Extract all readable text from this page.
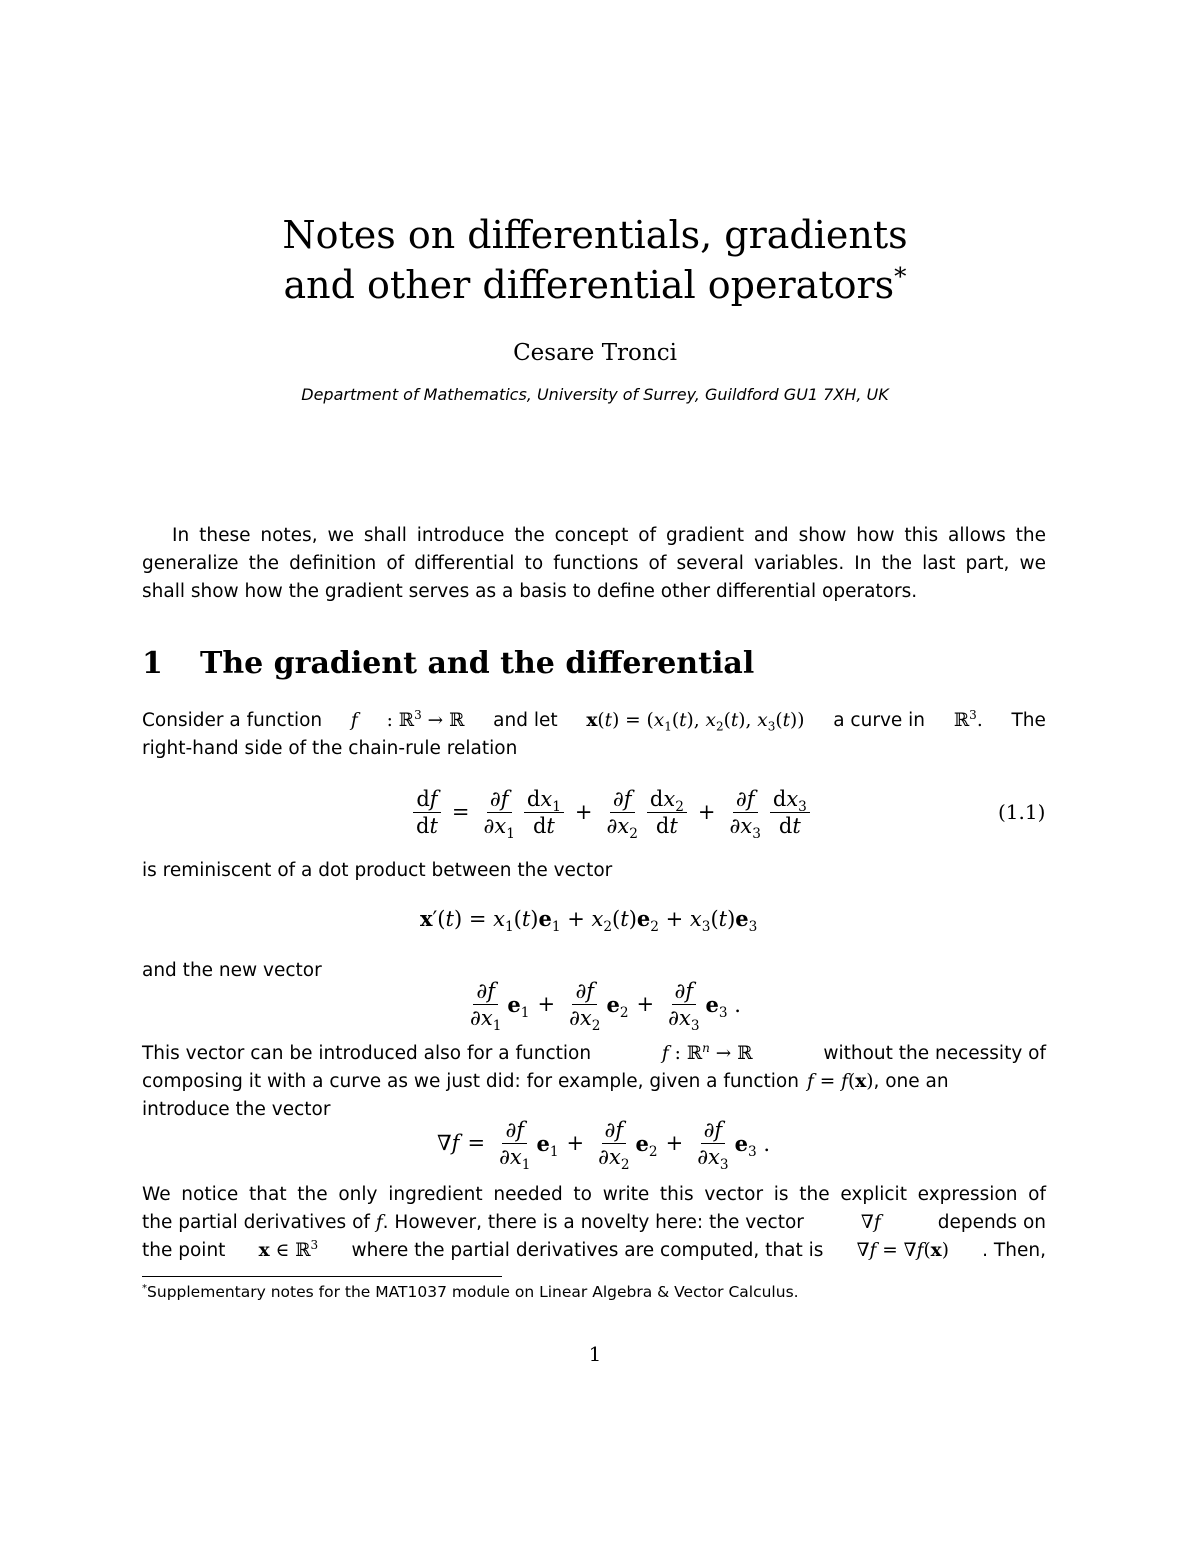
Notes on differentials, gradients
and other differential operators*
Cesare Tronci
Department of Mathematics, University of Surrey, Guildford GU1 7XH, UK
In these notes, we shall introduce the concept of gradient and show how this allows the
generalize the definition of differential to functions of several variables. In the last part, we
shall show how the gradient serves as a basis to define other differential operators.
1 The gradient and the differential
Consider a function f : ℝ$^3$ → ℝ and let $x(t) = (x_1(t)$, $x_2(t)$, $x_3(t)$) a curve in ℝ$^3$. The
right-hand side of the chain-rule relation
$\frac{df}{dt} = \frac{\partial f}{\partial x_1} \frac{dx_1}{dt} + \frac{\partial f}{\partial x_2} \frac{dx_2}{dt} + \frac{\partial f}{\partial x_3} \frac{dx_3}{dt}$	(1.1)
is reminiscent of a dot product between the vector
$x'(t) = x_1(t)e_1 + x_2(t)e_2 + x_3(t)e_3$
and the new vector
$\frac{\partial f}{\partial x_1} e_1 + \frac{\partial f}{\partial x_2} e_2 + \frac{\partial f}{\partial x_3} e_3$ .
This vector can be introduced also for a function	f : ℝ$^n$ → ℝ	without the necessity of
composing it with a curve as we just did: for example, given a function f = f(x) , one an
introduce the vector
$\nabla f = \frac{\partial f}{\partial x_1} e_1 + \frac{\partial f}{\partial x_2} e_2 + \frac{\partial f}{\partial x_3} e_3$ .
We notice that the only ingredient needed to write this vector is the explicit expression of
the partial derivatives of f. However, there is a novelty here: the vector	∇f	depends on
the point x ∈ ℝ$^3$ where the partial derivatives are computed, that is ∇f = ∇f(x) . Then,
*Supplementary notes for the MAT1037 module on Linear Algebra & Vector Calculus.
1
